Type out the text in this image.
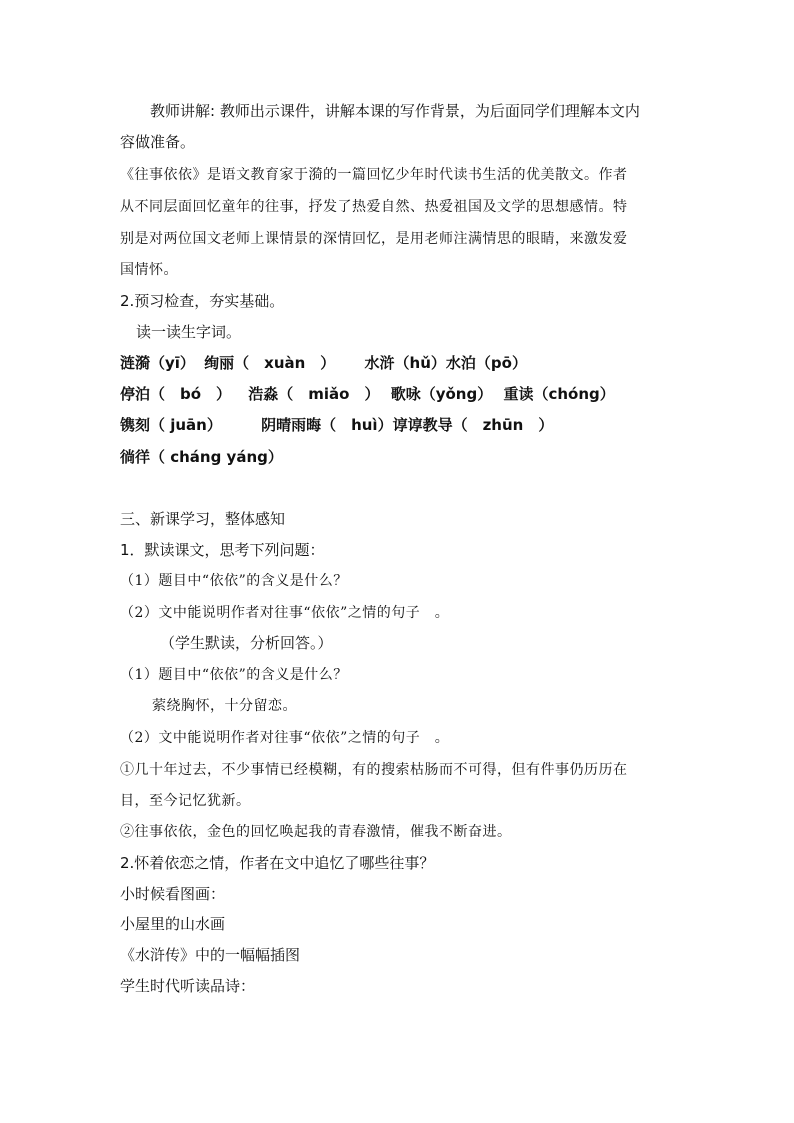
教师讲解: 教师出示课件，讲解本课的写作背景，为后面同学们理解本文内
容做准备。
《往事依依》是语文教育家于漪的一篇回忆少年时代读书生活的优美散文。作者
从不同层面回忆童年的往事，抒发了热爱自然、热爱祖国及文学的思想感情。特
别是对两位国文老师上课情景的深情回忆，是用老师注满情思的眼睛，来激发爱
国情怀。
2.预习检查，夯实基础。
读一读生字词。
涟漪（yī） 绚丽（　xuàn　） 水浒（hǔ）水泊（pō）
停泊（　bó　） 浩淼（　miǎo　） 歌咏（yǒng） 重读（chóng）
镌刻（ juān）	阴晴雨晦（　huì）谆谆教导（　zhūn　）
徜徉（ cháng yáng）
三、新课学习，整体感知
1．默读课文，思考下列问题：
（1）题目中“依依”的含义是什么？
（2）文中能说明作者对往事“依依”之情的句子　。
（学生默读，分析回答。）
（1）题目中“依依”的含义是什么？
萦绕胸怀，十分留恋。
（2）文中能说明作者对往事“依依”之情的句子　。
①几十年过去，不少事情已经模糊，有的搜索枯肠而不可得，但有件事仍历历在
目，至今记忆犹新。
②往事依依，金色的回忆唤起我的青春激情，催我不断奋进。
2.怀着依恋之情，作者在文中追忆了哪些往事？
小时候看图画：
小屋里的山水画
《水浒传》中的一幅幅插图
学生时代听读品诗：
